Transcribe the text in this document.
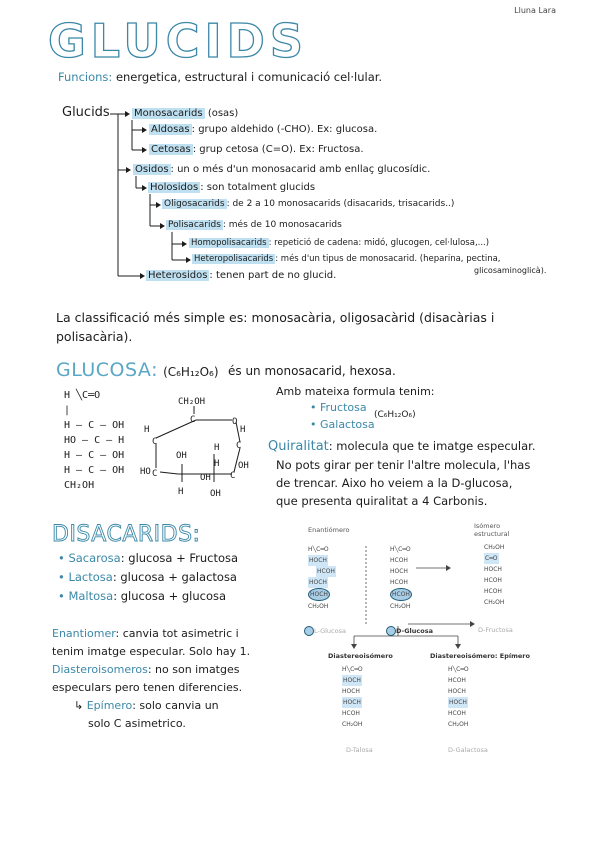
Lluna Lara
GLUCIDS
Funcions: energetica, estructural i comunicació cel·lular.
Glucids Monosacarids (osas)
Aldosas : grupo aldehido (-CHO). Ex: glucosa.
Cetosas : grup cetosa (C=O). Ex: Fructosa.
Osidos : un o més d'un monosacarid amb enllaç glucosídic.
Holosidos : son totalment glucids
Oligosacarids : de 2 a 10 monosacarids (disacarids, trisacarids..)
Polisacarids : més de 10 monosacarids
Homopolisacarids : repetició de cadena: midó, glucogen, cel·lulosa,...)
Heteropolisacarids : més d'un tipus de monosacarid. (heparina, pectina,
glicosaminoglicà).
Heterosidos : tenen part de no glucid.
La classificació més simple es: monosacària, oligosacàrid (disacàrias i
polisacària).
GLUCOSA: (C₆H₁₂O₆) és un monosacarid, hexosa.
H ╲C═O
|
H – C – OH
HO – C – H
H – C – OH
H – C – OH
CH₂OH
CH₂OH
C	O
H	H
C
H C
OH
OH
H
HO C	C
OH
H	OH
Amb mateixa formula tenim:
• Fructosa
• Galactosa
(C₆H₁₂O₆)
Quiralitat: molecula que te imatge especular.
No pots girar per tenir l'altre molecula, l'has
de trencar. Aixo ho veiem a la D-glucosa,
que presenta quiralitat a 4 Carbonis.
DISACARIDS:
• Sacarosa: glucosa + Fructosa
• Lactosa: glucosa + galactosa
• Maltosa: glucosa + glucosa
Enantiomer: canvia tot asimetric i
tenim imatge especular. Solo hay 1.
Diasteroisomeros: no son imatges
especulars pero tenen diferencies.
↳ Epímero: solo canvia un
solo C asimetrico.
Enantiómero	Isómero
estructural
H╲C═O
HOCH
HCOH
HOCH
HOCH
CH₂OH
L-Glucosa
H╲C═O
HCOH
HOCH
HCOH
HCOH
CH₂OH
D-Glucosa
CH₂OH
C═O
HOCH
HCOH
HCOH
CH₂OH
D-Fructosa
Diastereoisómero	Diastereoisómero: Epímero
H╲C═O
HOCH
HOCH
HOCH
HCOH
CH₂OH
D-Talosa
H╲C═O
HCOH
HOCH
HOCH
HCOH
CH₂OH
D-Galactosa
